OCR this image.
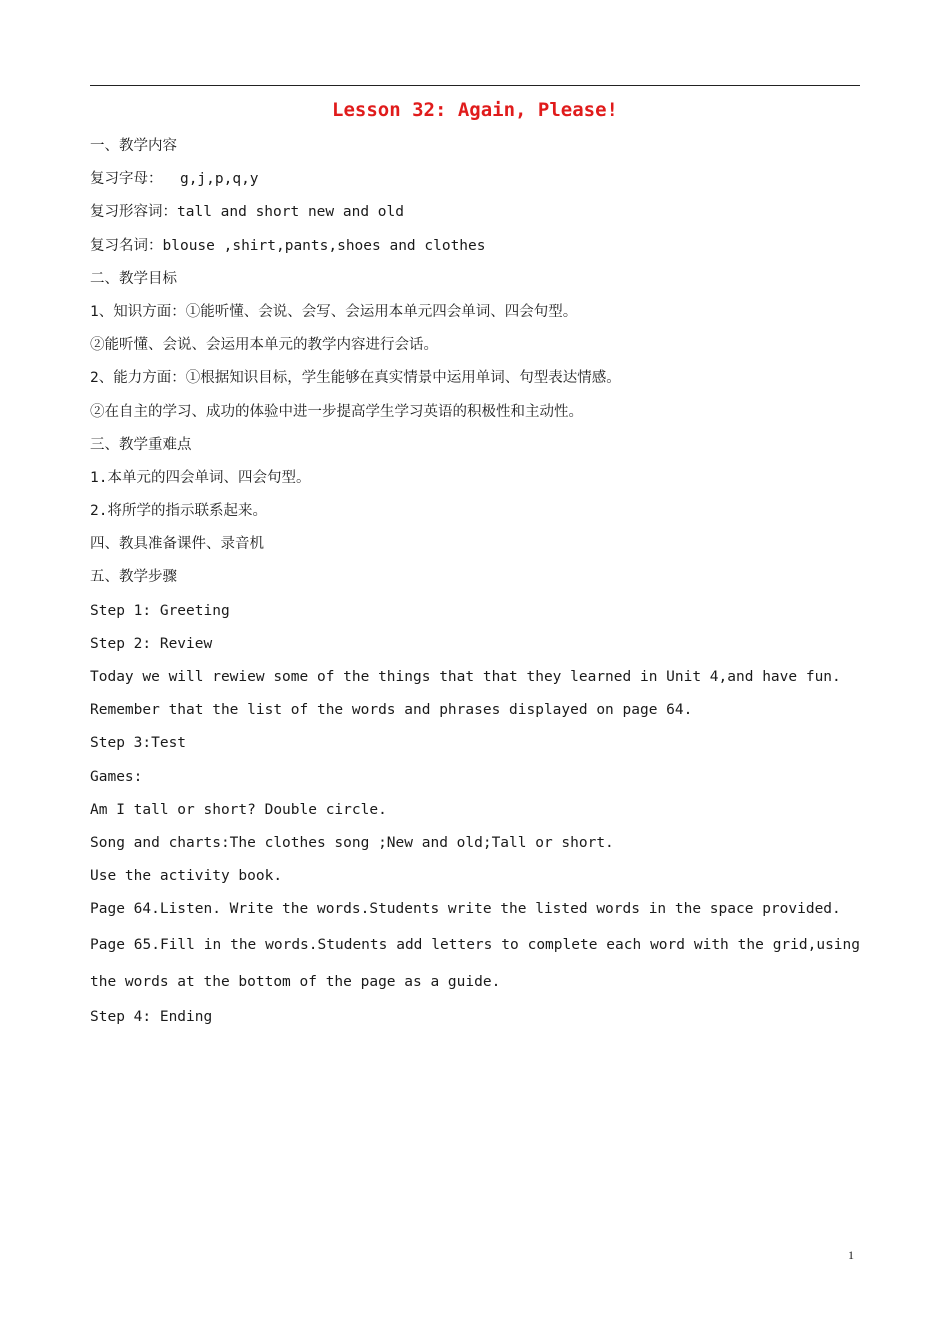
Lesson 32: Again, Please!
一、教学内容
复习字母：  g,j,p,q,y
复习形容词：tall and short new and old
复习名词：blouse ,shirt,pants,shoes and clothes
二、教学目标
1、知识方面：①能听懂、会说、会写、会运用本单元四会单词、四会句型。
②能听懂、会说、会运用本单元的教学内容进行会话。
2、能力方面：①根据知识目标，学生能够在真实情景中运用单词、句型表达情感。
②在自主的学习、成功的体验中进一步提高学生学习英语的积极性和主动性。
三、教学重难点
1.本单元的四会单词、四会句型。
2.将所学的指示联系起来。
四、教具准备课件、录音机
五、教学步骤
Step 1: Greeting
Step 2: Review
Today we will rewiew some of the things that that they learned in Unit 4,and have fun.
Remember that the list of the words and phrases displayed on page 64.
Step 3:Test
Games:
Am I tall or short? Double circle.
Song and charts:The clothes song ;New and old;Tall or short.
Use the activity book.
Page 64.Listen. Write the words.Students write the listed words in the space provided.
Page 65.Fill in the words.Students add letters to complete each word with the grid,using the words at the bottom of the page as a guide.
Step 4: Ending
1
